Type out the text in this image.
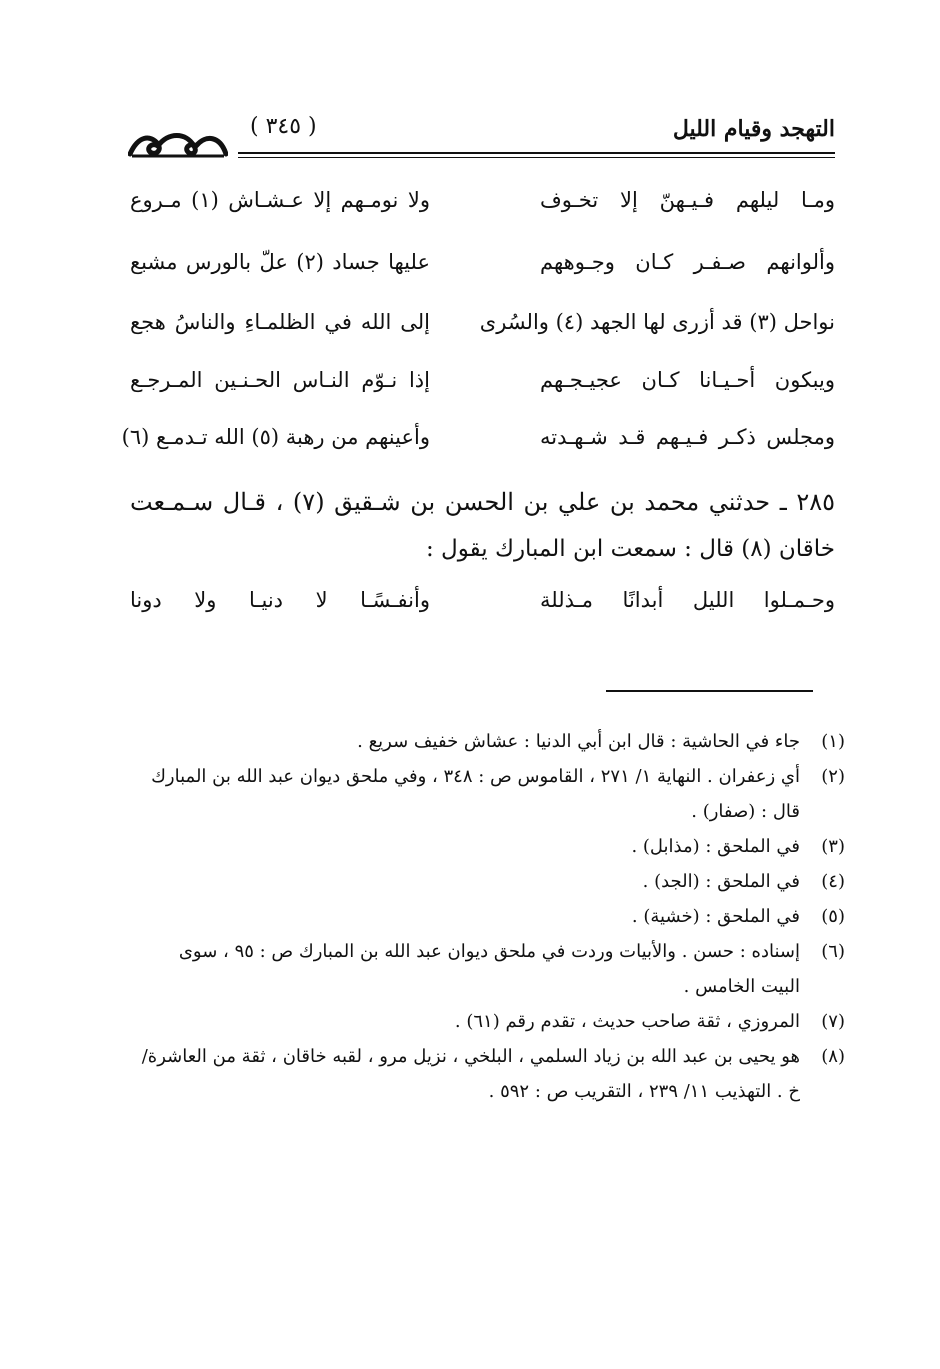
التهجد وقيام الليل
( ٣٤٥ )
ومـا ليلهم فـيـهنّ إلا تخـوف
ولا نومـهم إلا عـشـاش (١) مـروع
وألوانهم صـفـر كـان وجـوههم
عليها جساد (٢) علّ بالورس مشبع
نواحل (٣) قد أزرى لها الجهد (٤) والسُرى
إلى الله في الظلمـاءِ والناسُ هجع
ويبكون أحـيـانا كـان عجيـجـهم
إذا نـوّم النـاس الحـنـين المـرجـع
ومجلس ذكـر فـيـهم قـد شـهـدته
وأعينهم من رهبة (٥) الله تـدمـع (٦)
٢٨٥ ـ حدثني محمد بن علي بن الحسن بن شـقيق (٧) ، قـال سـمـعت
خاقان (٨) قال : سمعت ابن المبارك يقول :
وحـمـلوا الليل أبدانًا مـذللة
وأنفـسًـا لا دنيـا ولا دونا
(١)
جاء في الحاشية : قال ابن أبي الدنيا : عشاش خفيف سريع .
(٢)
أي زعفران . النهاية ١/ ٢٧١ ، القاموس ص : ٣٤٨ ، وفي ملحق ديوان عبد الله بن المبارك
قال : (صفار) .
(٣)
في الملحق : (مذابل) .
(٤)
في الملحق : (الجد) .
(٥)
في الملحق : (خشية) .
(٦)
إسناده : حسن . والأبيات وردت في ملحق ديوان عبد الله بن المبارك ص : ٩٥ ، سوى
البيت الخامس .
(٧)
المروزي ، ثقة صاحب حديث ، تقدم رقم (٦١) .
(٨)
هو يحيى بن عبد الله بن زياد السلمي ، البلخي ، نزيل مرو ، لقبه خاقان ، ثقة من العاشرة/
خ . التهذيب ١١/ ٢٣٩ ، التقريب ص : ٥٩٢ .
